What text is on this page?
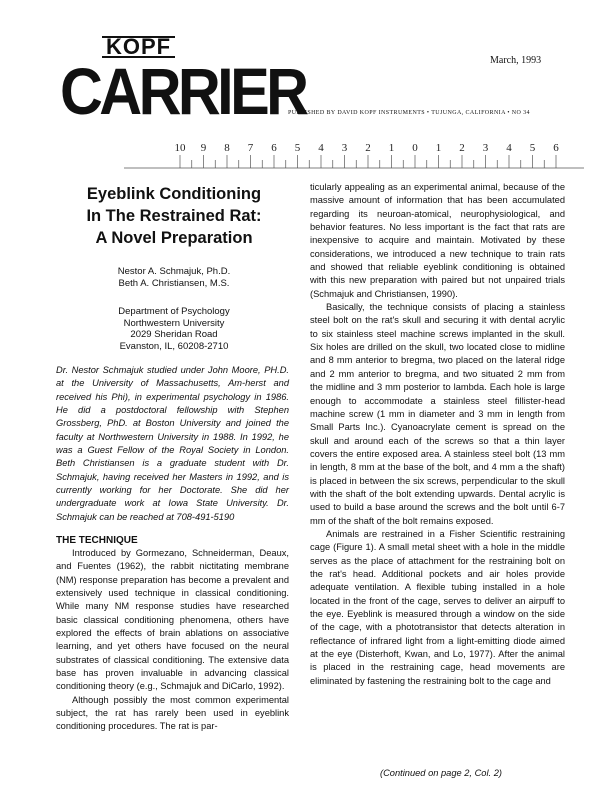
March, 1993
KOPF
CARRIER
PUBLISHED BY DAVID KOPF INSTRUMENTS • TUJUNGA, CALIFORNIA • NO 34
10 9 8 7 6 5 4 3 2 1 0 1 2 3 4 5 6
Eyeblink Conditioning
In The Restrained Rat:
A Novel Preparation
Nestor A. Schmajuk, Ph.D.
Beth A. Christiansen, M.S.
Department of Psychology
Northwestern University
2029 Sheridan Road
Evanston, IL, 60208-2710

Dr. Nestor Schmajuk studied under John Moore, PH.D. at the University of Massachusetts, Am-herst and received his Phi), in experimental psychology in 1986. He did a postdoctoral fellowship with Stephen Grossberg, PhD. at Boston University and joined the faculty at Northwestern University in 1988. In 1992, he was a Guest Fellow of the Royal Society in London. Beth Christiansen is a graduate student with Dr. Schmajuk, having received her Masters in 1992, and is currently working for her Doctorate. She did her undergraduate work at Iowa State University. Dr. Schmajuk can be reached at 708-491-5190

THE TECHNIQUE

Introduced by Gormezano, Schneiderman, Deaux, and Fuentes (1962), the rabbit nictitating membrane (NM) response preparation has become a prevalent and extensively used technique in classical conditioning. While many NM response studies have researched basic classical conditioning phenomena, others have explored the effects of brain ablations on associative learning, and yet others have focused on the neural substrates of classical conditioning. The extensive data base has proven invaluable in advancing classical conditioning theory (e.g., Schmajuk and DiCarlo, 1992).

Although possibly the most common experimental subject, the rat has rarely been used in eyeblink conditioning procedures. The rat is par-

ticularly appealing as an experimental animal, because of the massive amount of information that has been accumulated regarding its neuroan-atomical, neurophysiological, and behavior features. No less important is the fact that rats are inexpensive to acquire and maintain. Motivated by these considerations, we introduced a new technique to train rats and showed that reliable eyeblink conditioning is obtained with this new preparation with paired but not unpaired trials (Schmajuk and Christiansen, 1990).

Basically, the technique consists of placing a stainless steel bolt on the rat's skull and securing it with dental acrylic to six stainless steel machine screws implanted in the skull. Six holes are drilled on the skull, two located close to midline and 8 mm anterior to bregma, two placed on the lateral ridge and 2 mm anterior to bregma, and two situated 2 mm from the midline and 3 mm posterior to lambda. Each hole is large enough to accommodate a stainless steel fillister-head machine screw (1 mm in diameter and 3 mm in length from Small Parts Inc.). Cyanoacrylate cement is spread on the skull and around each of the screws so that a thin layer covers the entire exposed area. A stainless steel bolt (13 mm in length, 8 mm at the base of the bolt, and 4 mm a the shaft) is placed in between the six screws, perpendicular to the skull with the shaft of the bolt extending upwards. Dental acrylic is used to build a base around the screws and the bolt until 6-7 mm of the shaft of the bolt remains exposed.

Animals are restrained in a Fisher Scientific restraining cage (Figure 1). A small metal sheet with a hole in the middle serves as the place of attachment for the restraining bolt on the rat's head. Additional pockets and air holes provide adequate ventilation. A flexible tubing installed in a hole located in the front of the cage, serves to deliver an airpuff to the eye. Eyeblink is measured through a window on the side of the cage, with a phototransistor that detects alteration in reflectance of infrared light from a light-emitting diode aimed at the eye (Disterhoft, Kwan, and Lo, 1977). After the animal is placed in the restraining cage, head movements are eliminated by fastening the restraining bolt to the cage and

(Continued on page 2, Col. 2)
